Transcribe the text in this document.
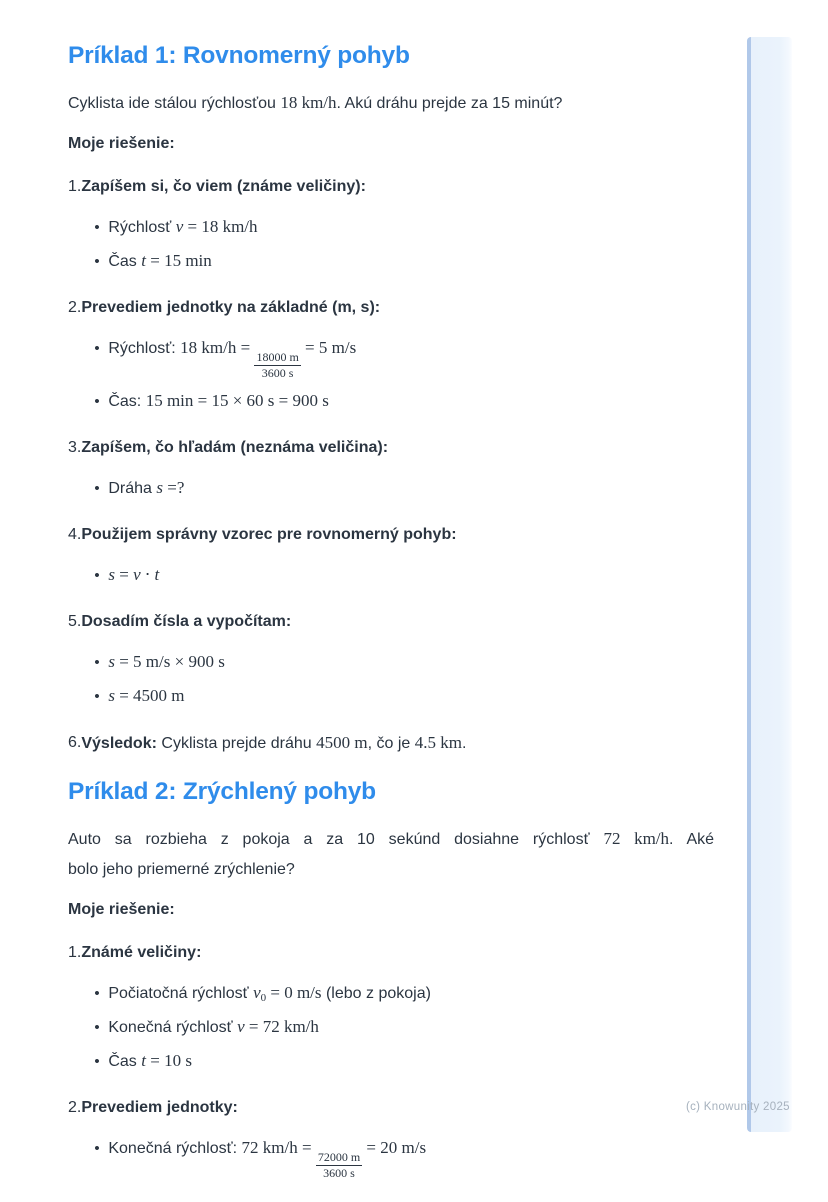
Príklad 1: Rovnomerný pohyb
Cyklista ide stálou rýchlosťou 18 km/h. Akú dráhu prejde za 15 minút?
Moje riešenie:
1. Zapíšem si, čo viem (známe veličiny):
• Rýchlosť v = 18 km/h
• Čas t = 15 min
2. Prevediem jednotky na základné (m, s):
• Rýchlosť: 18 km/h =
$\frac{18000 m}{3600 s}$
= 5 m/s
• Čas: 15 min = 15 × 60 s = 900 s
3. Zapíšem, čo hľadám (neznáma veličina):
• Dráha s =?
4. Použijem správny vzorec pre rovnomerný pohyb:
• s = v ⋅ t
5. Dosadím čísla a vypočítam:
• s = 5 m/s × 900 s
• s = 4500 m
6. Výsledok: Cyklista prejde dráhu 4500 m, čo je 4.5 km.
Príklad 2: Zrýchlený pohyb
Auto sa rozbieha z pokoja a za 10 sekúnd dosiahne rýchlosť 72 km/h. Aké
bolo jeho priemerné zrýchlenie?
Moje riešenie:
1. Známé veličiny:
• Počiatočná rýchlosť $v_0 = 0$ m/s (lebo z pokoja)
• Konečná rýchlosť v = 72 km/h
• Čas t = 10 s
2. Prevediem jednotky:
• Konečná rýchlosť: 72 km/h =
$\frac{72000 m}{3600 s}$
= 20 m/s
(c) Knowunity 2025
